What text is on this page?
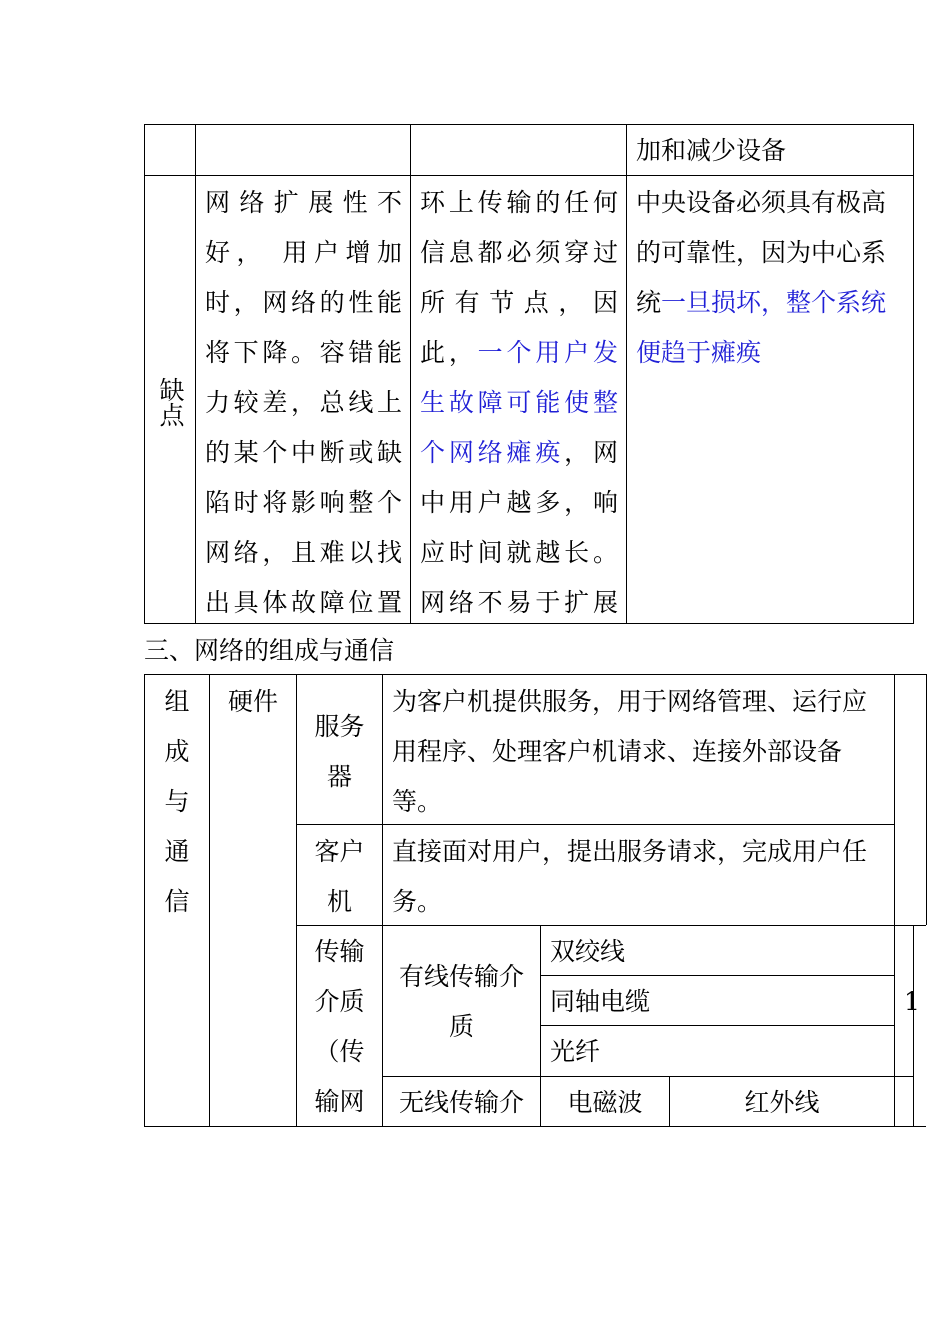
加和减少设备
缺点
网络扩展性不
好， 用户增加
时，网络的性能
将下降。容错能
力较差，总线上
的某个中断或缺
陷时将影响整个
网络，且难以找
出具体故障位置
环上传输的任何
信息都必须穿过
所 有 节 点 ， 因
此，一个用户发
生故障可能使整
个网络瘫痪，网
中用户越多，响
应时间就越长。
网络不易于扩展
中央设备必须具有极高
的可靠性，因为中心系
统一旦损坏，整个系统
便趋于瘫痪
三、网络的组成与通信
组
成
与
通
信
硬件
服务
器
为客户机提供服务，用于网络管理、运行应
用程序、处理客户机请求、连接外部设备
等。
客户
机
直接面对用户，提出服务请求，完成用户任
务。
传输
介质
（传
输网
有线传输介
质
双绞线
同轴电缆
光纤
1
无线传输介	电磁波	红外线
